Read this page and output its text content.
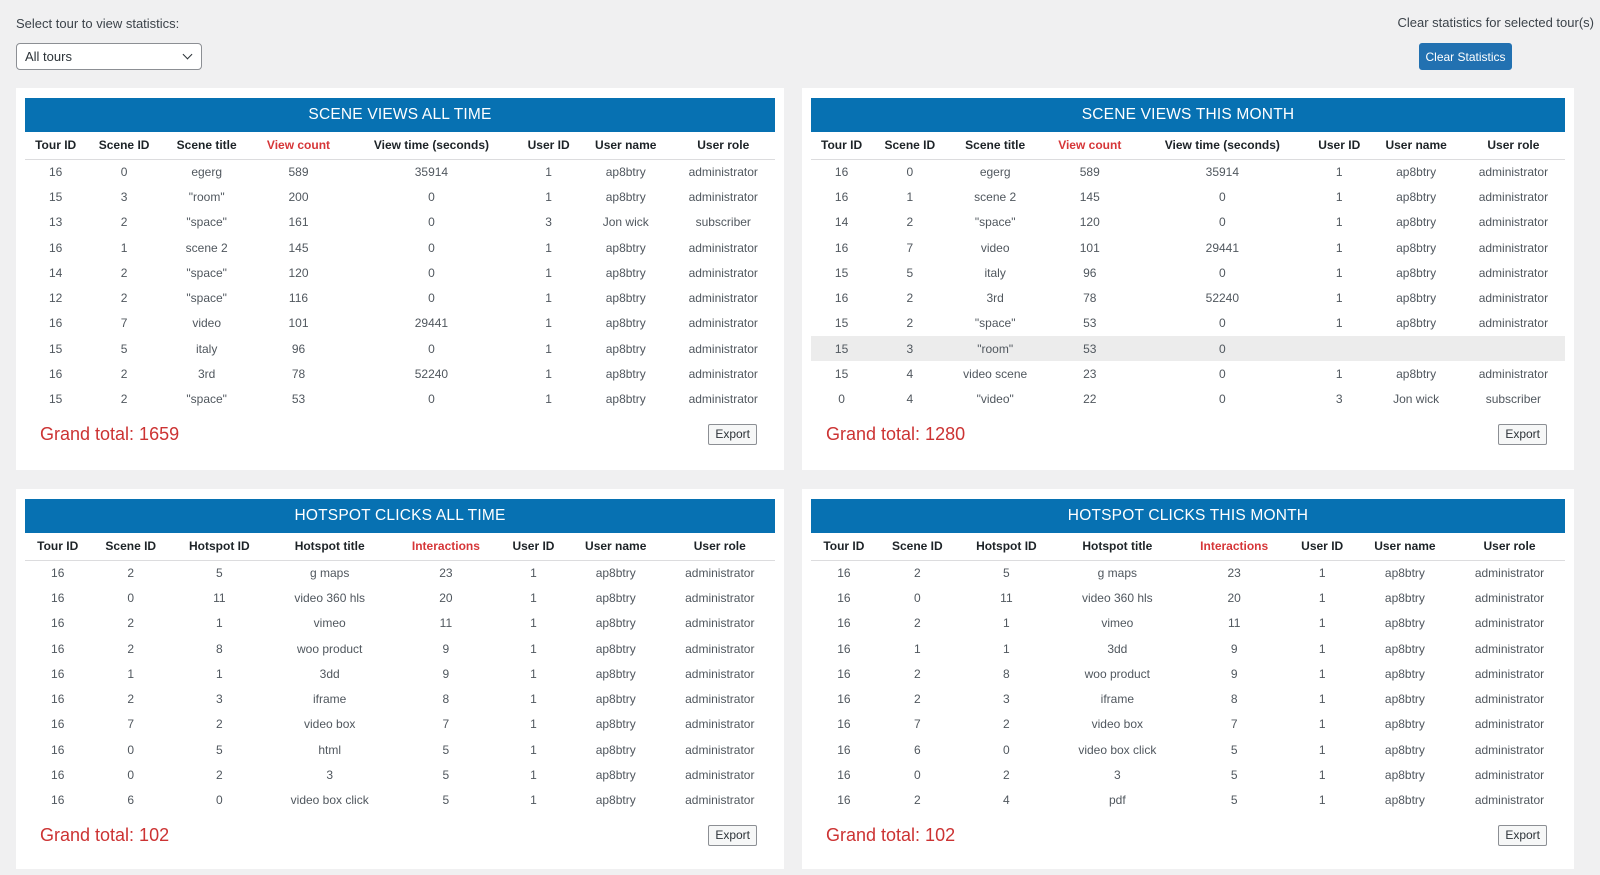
Select tour to view statistics:
All tours
Clear statistics for selected tour(s)
Clear Statistics
SCENE VIEWS ALL TIME
Tour ID	Scene ID	Scene title	View count	View time (seconds)	User ID	User name	User role
16	0	egerg	589	35914	1	ap8btry	administrator
15	3	"room"	200	0	1	ap8btry	administrator
13	2	"space"	161	0	3	Jon wick	subscriber
16	1	scene 2	145	0	1	ap8btry	administrator
14	2	"space"	120	0	1	ap8btry	administrator
12	2	"space"	116	0	1	ap8btry	administrator
16	7	video	101	29441	1	ap8btry	administrator
15	5	italy	96	0	1	ap8btry	administrator
16	2	3rd	78	52240	1	ap8btry	administrator
15	2	"space"	53	0	1	ap8btry	administrator
Grand total: 1659	Export
SCENE VIEWS THIS MONTH
Tour ID	Scene ID	Scene title	View count	View time (seconds)	User ID	User name	User role
16	0	egerg	589	35914	1	ap8btry	administrator
16	1	scene 2	145	0	1	ap8btry	administrator
14	2	"space"	120	0	1	ap8btry	administrator
16	7	video	101	29441	1	ap8btry	administrator
15	5	italy	96	0	1	ap8btry	administrator
16	2	3rd	78	52240	1	ap8btry	administrator
15	2	"space"	53	0	1	ap8btry	administrator
15	3	"room"	53	0			
15	4	video scene	23	0	1	ap8btry	administrator
0	4	"video"	22	0	3	Jon wick	subscriber
Grand total: 1280	Export
HOTSPOT CLICKS ALL TIME
Tour ID	Scene ID	Hotspot ID	Hotspot title	Interactions	User ID	User name	User role
16	2	5	g maps	23	1	ap8btry	administrator
16	0	11	video 360 hls	20	1	ap8btry	administrator
16	2	1	vimeo	11	1	ap8btry	administrator
16	2	8	woo product	9	1	ap8btry	administrator
16	1	1	3dd	9	1	ap8btry	administrator
16	2	3	iframe	8	1	ap8btry	administrator
16	7	2	video box	7	1	ap8btry	administrator
16	0	5	html	5	1	ap8btry	administrator
16	0	2	3	5	1	ap8btry	administrator
16	6	0	video box click	5	1	ap8btry	administrator
Grand total: 102	Export
HOTSPOT CLICKS THIS MONTH
Tour ID	Scene ID	Hotspot ID	Hotspot title	Interactions	User ID	User name	User role
16	2	5	g maps	23	1	ap8btry	administrator
16	0	11	video 360 hls	20	1	ap8btry	administrator
16	2	1	vimeo	11	1	ap8btry	administrator
16	1	1	3dd	9	1	ap8btry	administrator
16	2	8	woo product	9	1	ap8btry	administrator
16	2	3	iframe	8	1	ap8btry	administrator
16	7	2	video box	7	1	ap8btry	administrator
16	6	0	video box click	5	1	ap8btry	administrator
16	0	2	3	5	1	ap8btry	administrator
16	2	4	pdf	5	1	ap8btry	administrator
Grand total: 102	Export
